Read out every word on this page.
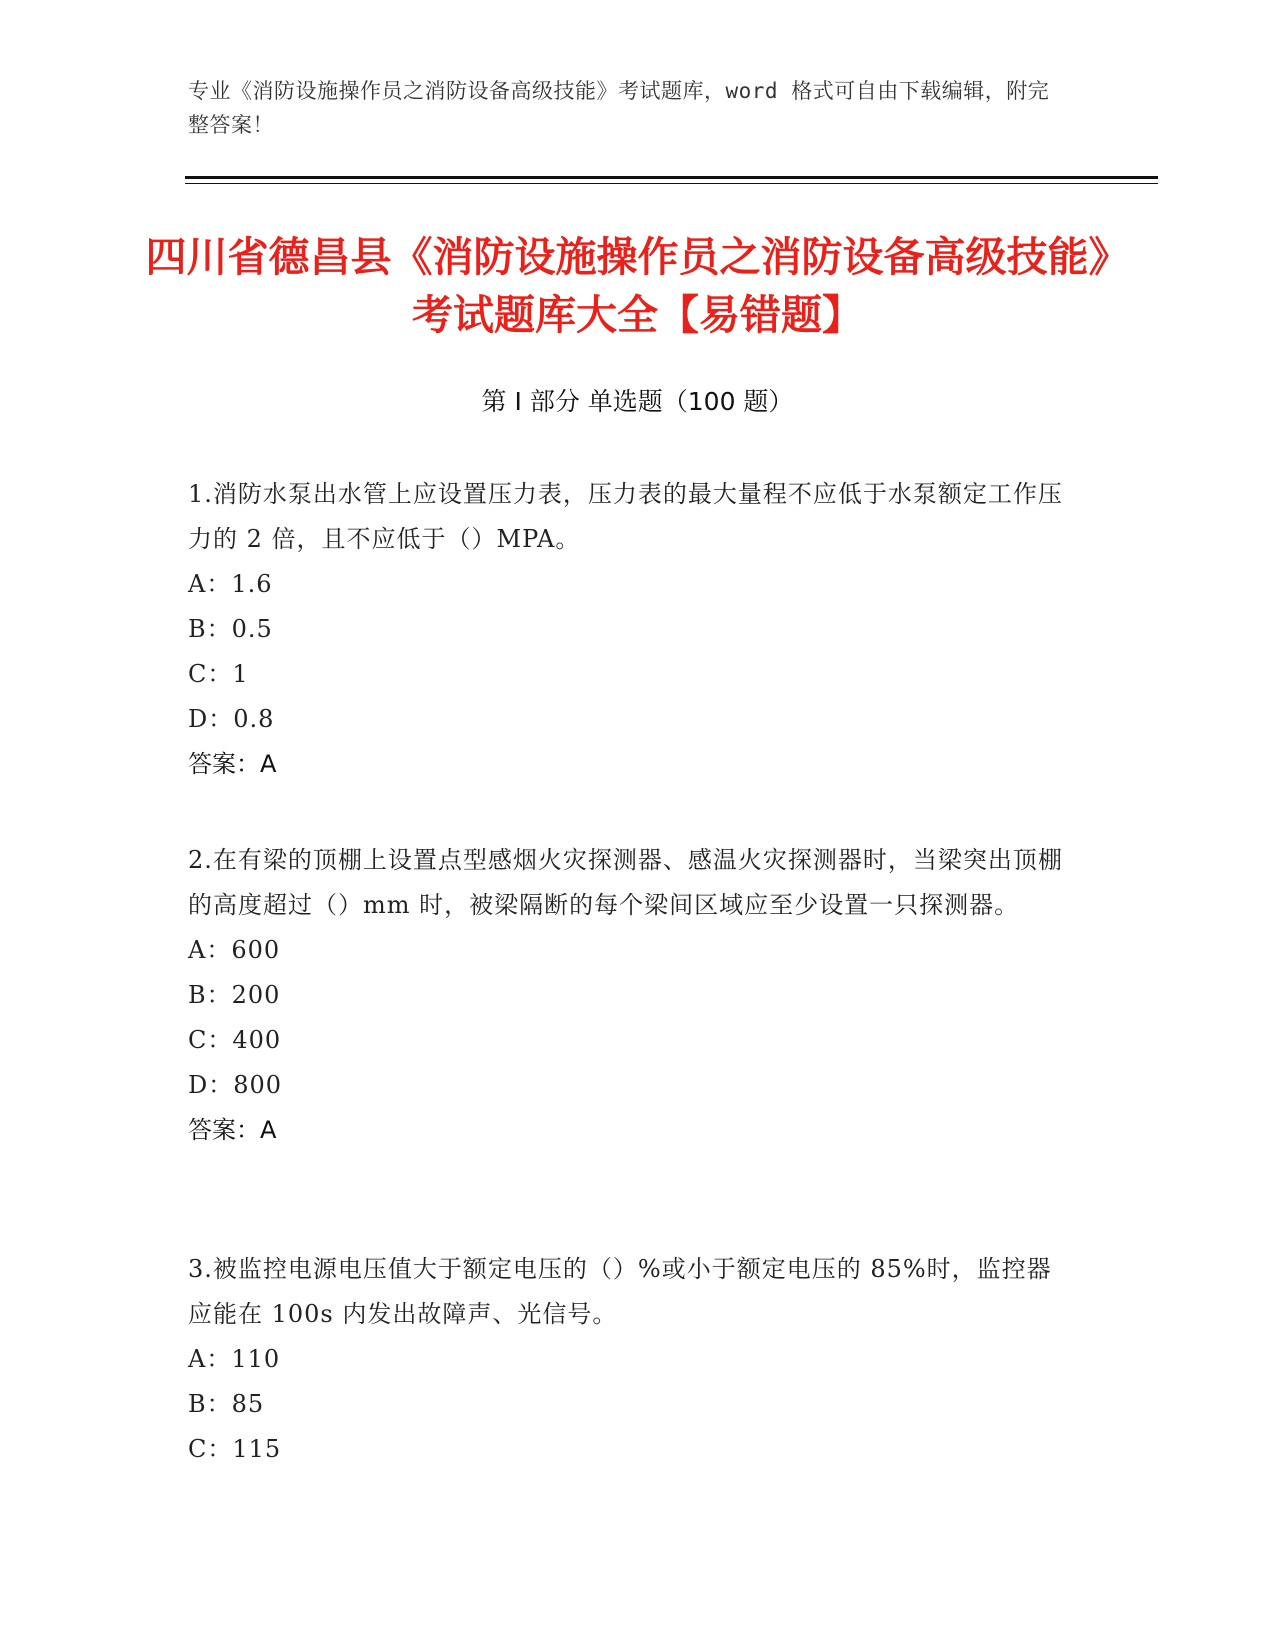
专业《消防设施操作员之消防设备高级技能》考试题库，word 格式可自由下载编辑，附完整答案！
四川省德昌县《消防设施操作员之消防设备高级技能》考试题库大全【易错题】
第 I 部分 单选题（100 题）
1.消防水泵出水管上应设置压力表，压力表的最大量程不应低于水泵额定工作压力的 2 倍，且不应低于（）MPA。
A：1.6
B：0.5
C：1
D：0.8
答案：A
2.在有梁的顶棚上设置点型感烟火灾探测器、感温火灾探测器时，当梁突出顶棚的高度超过（）mm 时，被梁隔断的每个梁间区域应至少设置一只探测器。
A：600
B：200
C：400
D：800
答案：A
3.被监控电源电压值大于额定电压的（）%或小于额定电压的 85%时，监控器应能在 100s 内发出故障声、光信号。
A：110
B：85
C：115
